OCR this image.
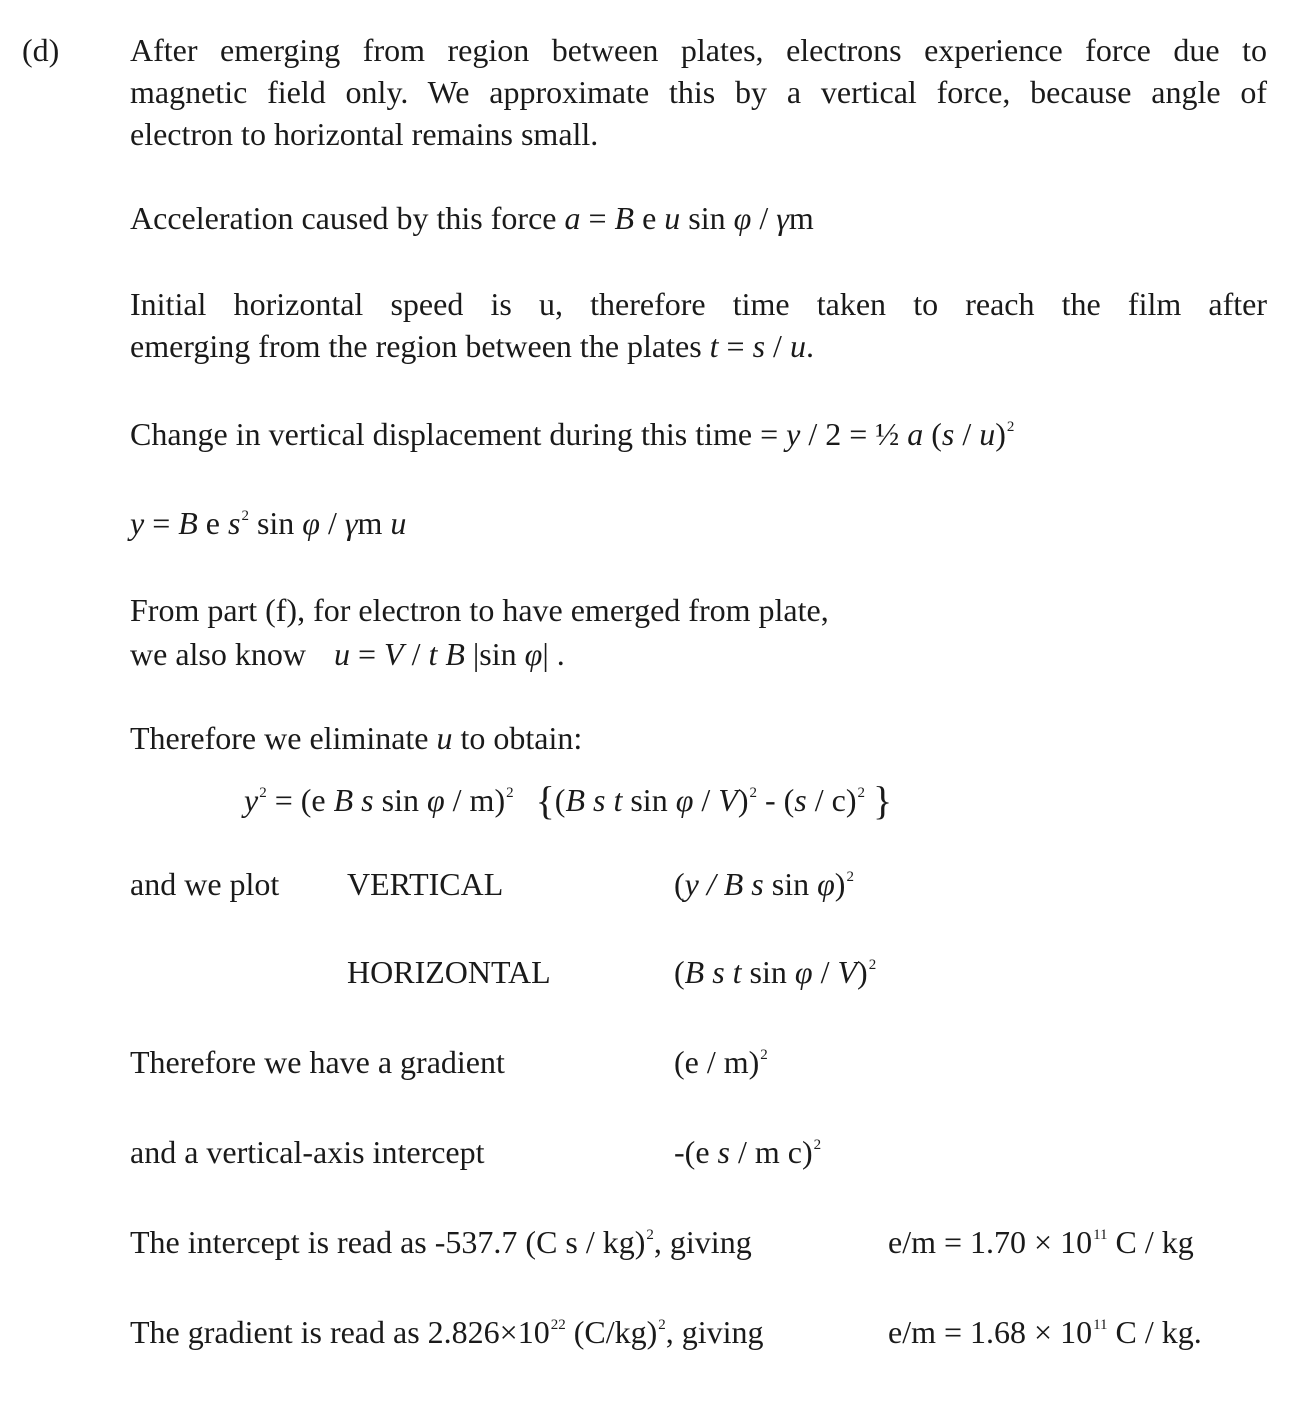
(d) After emerging from region between plates, electrons experience force due to
magnetic field only. We approximate this by a vertical force, because angle of
electron to horizontal remains small.
Acceleration caused by this force a = B e u sin φ / γm
Initial horizontal speed is u, therefore time taken to reach the film after
emerging from the region between the plates t = s / u.
Change in vertical displacement during this time = y / 2 = ½ a (s / u)$^2$
y = B e $s^2$ sin φ / γm u
From part (f), for electron to have emerged from plate,
we also know u = V / t B |sin φ| .
Therefore we eliminate u to obtain:
$y^2 = (e$ B s sin φ / m)$^2$ {(B s t sin φ / V)$^2$ - (s / c)$^2$ }
and we plot VERTICAL	(y / B s sin φ)$^2$
HORIZONTAL	(B s t sin φ / V)$^2$
Therefore we have a gradient	(e / m)$^2$
and a vertical-axis intercept	-(e s / m c)$^2$
The intercept is read as -537.7 (C s / kg)$^2$, giving	$e/m = 1.70 \times 10^{11}$ C / kg
The gradient is read as $2.826\times 10^{22}$ $(C/kg)^2$, giving	$e/m = 1.68 \times 10^{11}$ C / kg.
